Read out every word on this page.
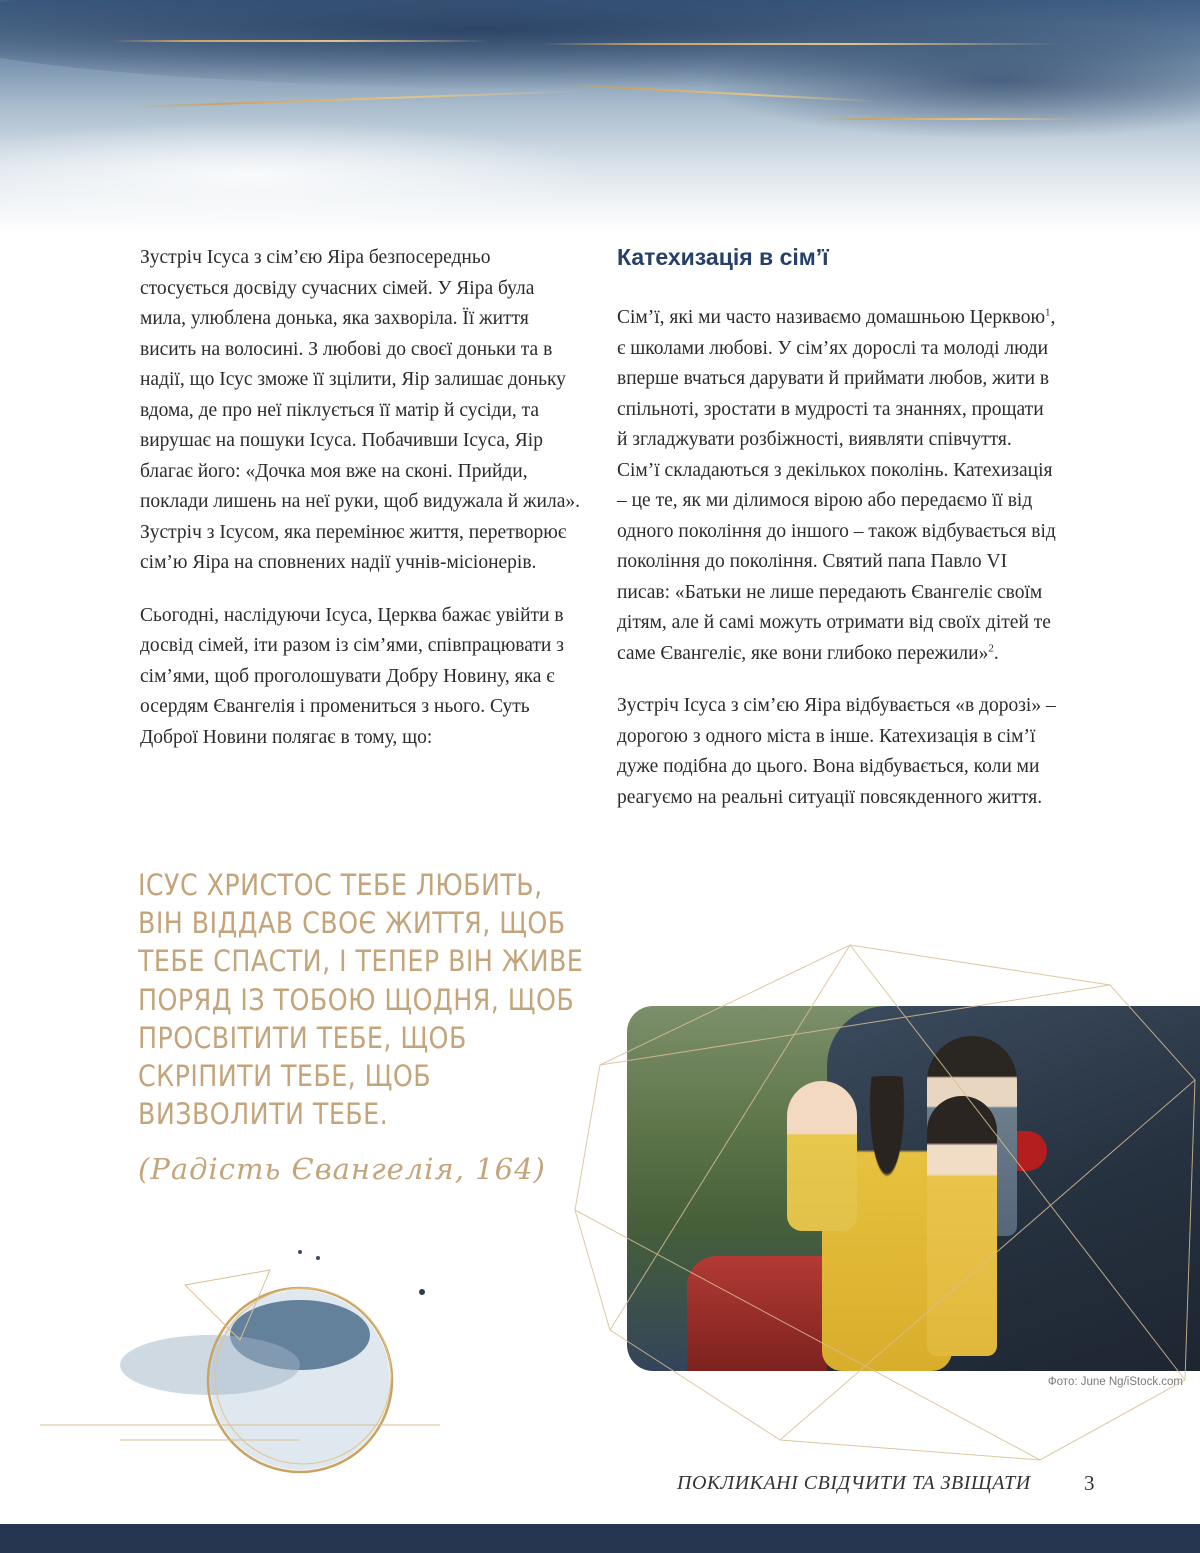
Зустріч Ісуса з сім’єю Яіра безпосередньо стосується досвіду сучасних сімей. У Яіра була мила, улюблена донька, яка захворіла. Її життя висить на волосині. З любові до своєї доньки та в надії, що Ісус зможе її зцілити, Яір залишає доньку вдома, де про неї піклується її матір й сусіди, та вирушає на пошуки Ісуса. Побачивши Ісуса, Яір благає його: «Дочка моя вже на сконі. Прийди, поклади лишень на неї руки, щоб видужала й жила». Зустріч з Ісусом, яка перемінює життя, перетворює сім’ю Яіра на сповнених надії учнів-місіонерів.

Сьогодні, наслідуючи Ісуса, Церква бажає увійти в досвід сімей, іти разом із сім’ями, співпрацювати з сім’ями, щоб проголошувати Добру Новину, яка є осердям Євангелія і промениться з нього. Суть Доброї Новини полягає в тому, що:

ІСУС ХРИСТОС ТЕБЕ ЛЮБИТЬ, ВІН ВІДДАВ СВОЄ ЖИТТЯ, ЩОБ ТЕБЕ СПАСТИ, І ТЕПЕР ВІН ЖИВЕ ПОРЯД ІЗ ТОБОЮ ЩОДНЯ, ЩОБ ПРОСВІТИТИ ТЕБЕ, ЩОБ СКРІПИТИ ТЕБЕ, ЩОБ ВИЗВОЛИТИ ТЕБЕ.
(Радість Євангелія, 164)
Катехизація в сім’ї

Сім’ї, які ми часто називаємо домашньою Церквою$^1$, є школами любові. У сім’ях дорослі та молоді люди вперше вчаться дарувати й приймати любов, жити в спільноті, зростати в мудрості та знаннях, прощати й згладжувати розбіжності, виявляти співчуття. Сім’ї складаються з декількох поколінь. Катехизація – це те, як ми ділимося вірою або передаємо її від одного покоління до іншого – також відбувається від покоління до покоління. Святий папа Павло VI писав: «Батьки не лише передають Євангеліє своїм дітям, але й самі можуть отримати від своїх дітей те саме Євангеліє, яке вони глибоко пережили»$^2$.

Зустріч Ісуса з сім’єю Яіра відбувається «в дорозі» – дорогою з одного міста в інше. Катехизація в сім’ї дуже подібна до цього. Вона відбувається, коли ми реагуємо на реальні ситуації повсякденного життя.

Фото: June Ng/iStock.com
ПОКЛИКАНІ СВІДЧИТИ ТА ЗВІЩАТИ	3
